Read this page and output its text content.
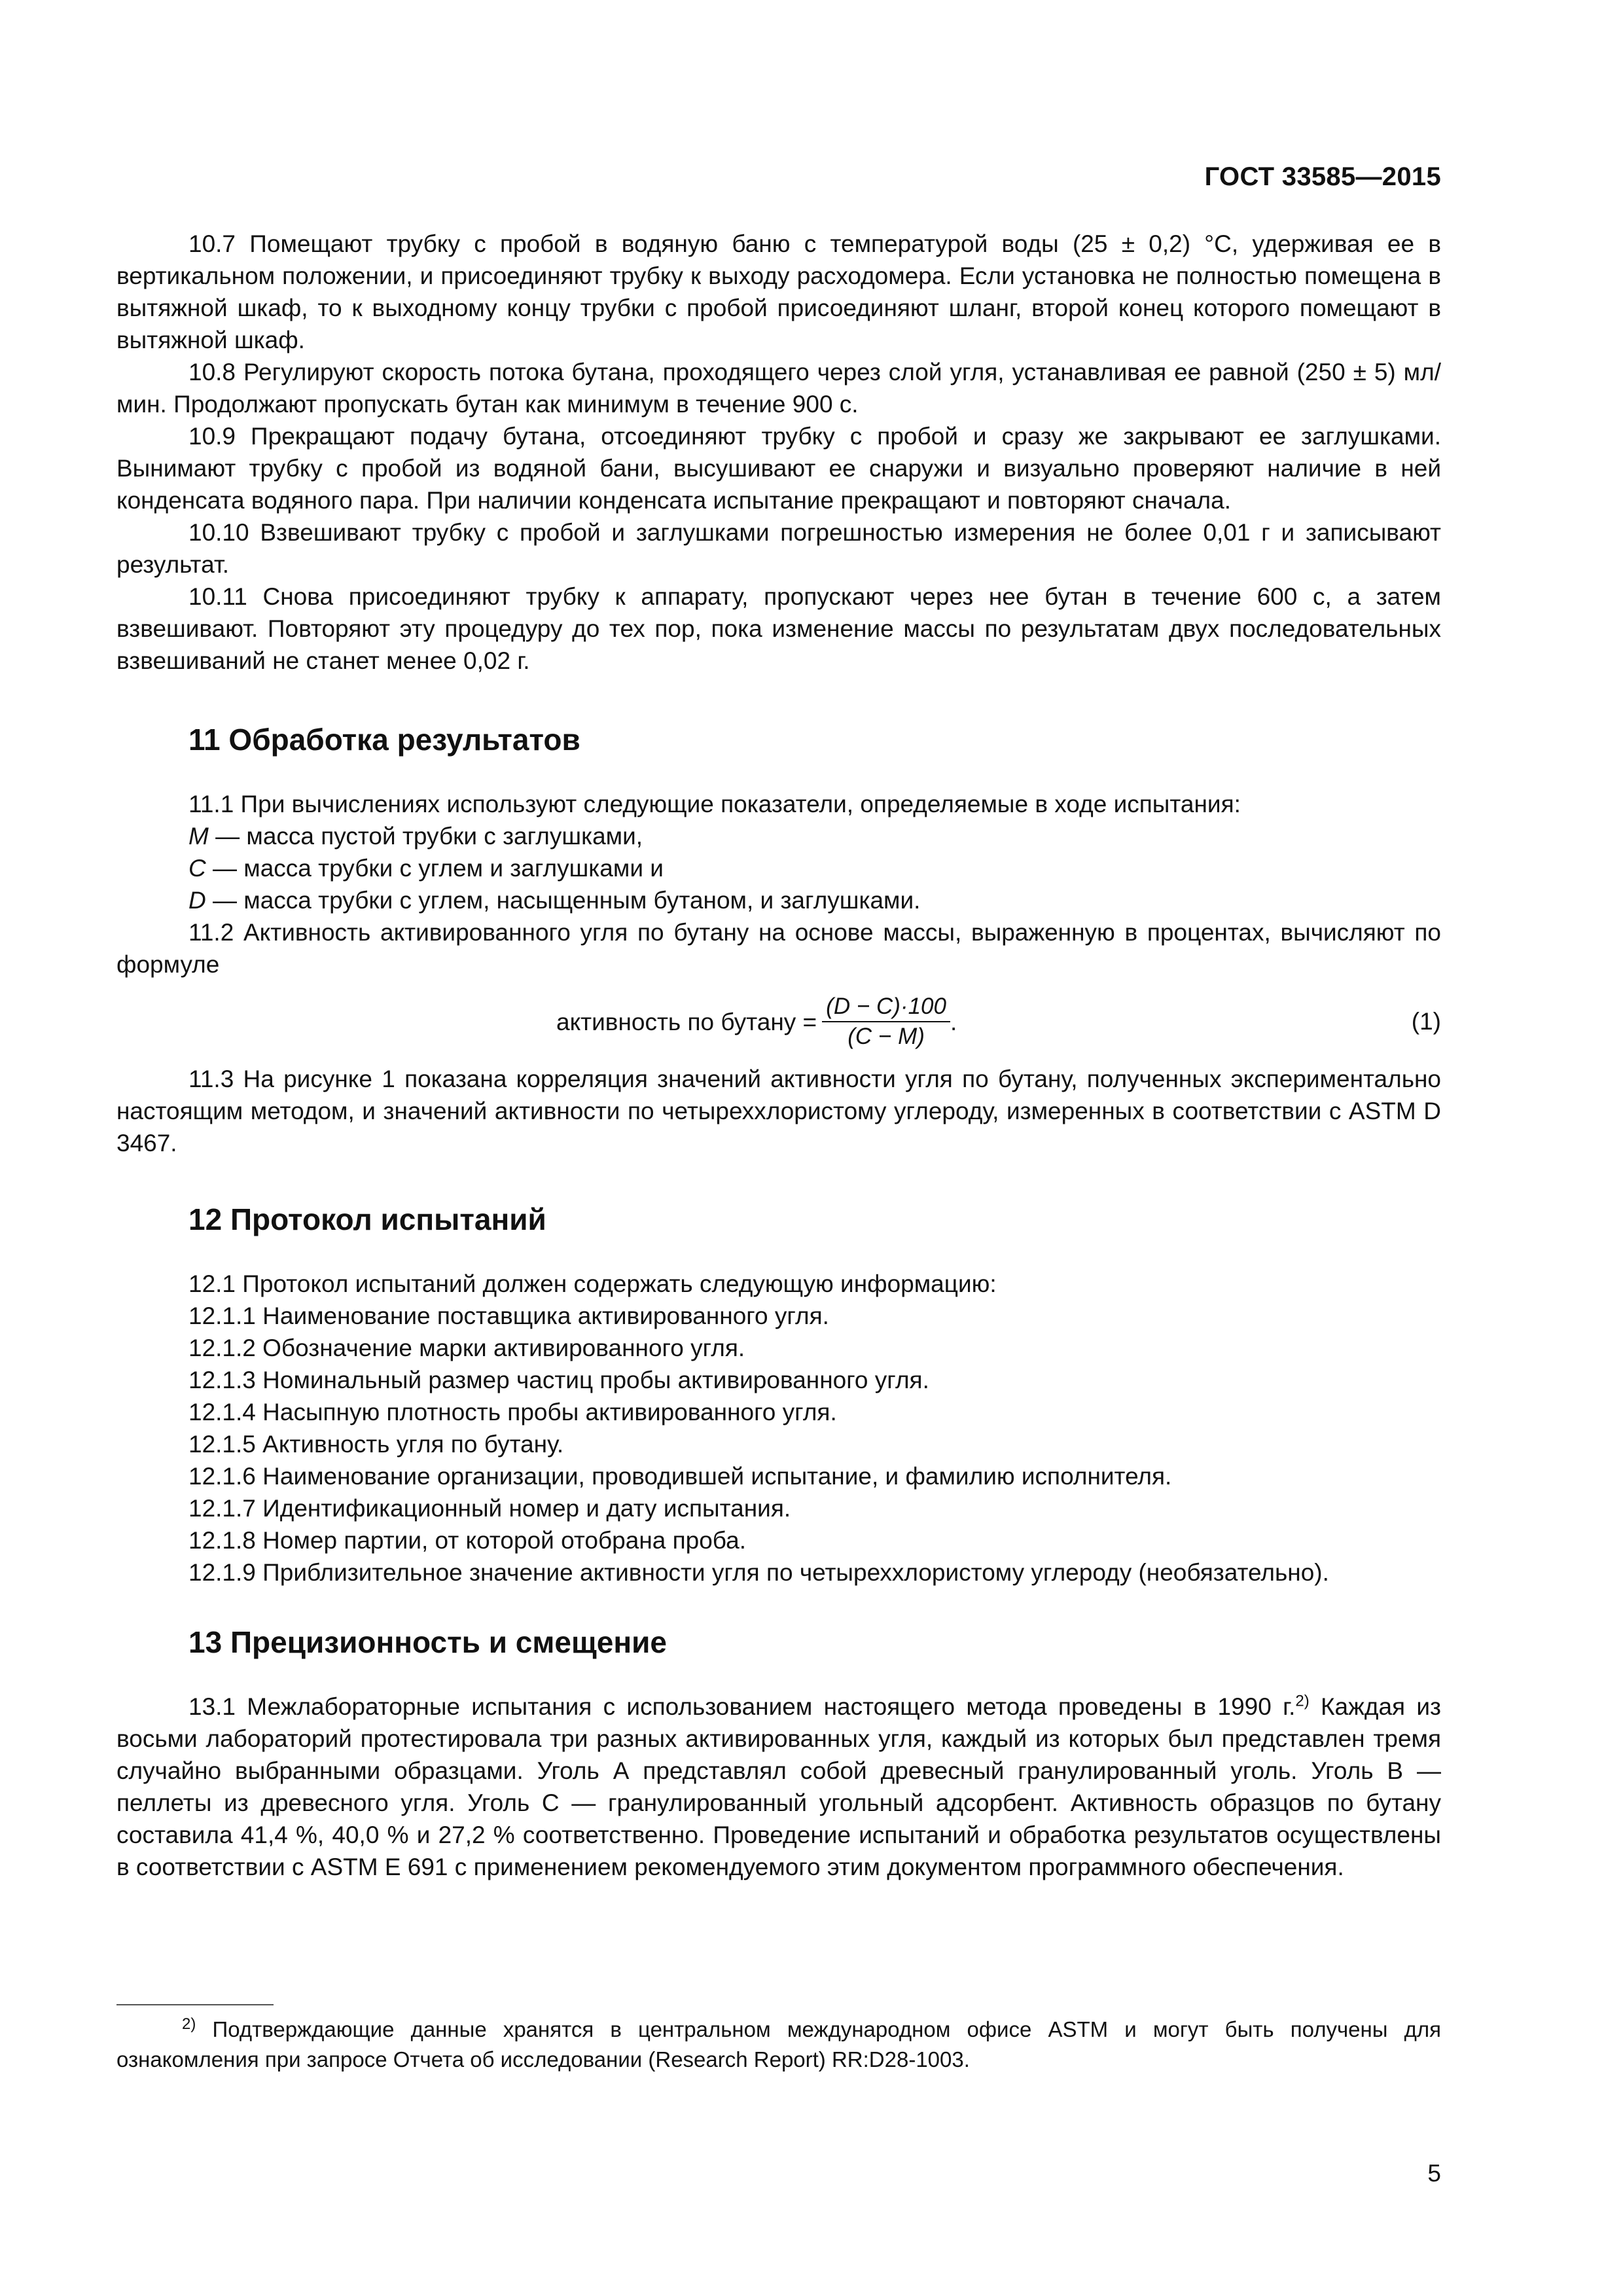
ГОСТ 33585—2015

10.7 Помещают трубку с пробой в водяную баню с температурой воды (25 ± 0,2) °С, удерживая ее в вертикальном положении, и присоединяют трубку к выходу расходомера. Если установка не полностью помещена в вытяжной шкаф, то к выходному концу трубки с пробой присоединяют шланг, второй конец которого помещают в вытяжной шкаф.

10.8 Регулируют скорость потока бутана, проходящего через слой угля, устанавливая ее равной (250 ± 5) мл/мин. Продолжают пропускать бутан как минимум в течение 900 с.

10.9 Прекращают подачу бутана, отсоединяют трубку с пробой и сразу же закрывают ее заглушками. Вынимают трубку с пробой из водяной бани, высушивают ее снаружи и визуально проверяют наличие в ней конденсата водяного пара. При наличии конденсата испытание прекращают и повторяют сначала.

10.10 Взвешивают трубку с пробой и заглушками погрешностью измерения не более 0,01 г и записывают результат.

10.11 Снова присоединяют трубку к аппарату, пропускают через нее бутан в течение 600 с, а затем взвешивают. Повторяют эту процедуру до тех пор, пока изменение массы по результатам двух последовательных взвешиваний не станет менее 0,02 г.

11 Обработка результатов

11.1 При вычислениях используют следующие показатели, определяемые в ходе испытания:

M — масса пустой трубки с заглушками,

C — масса трубки с углем и заглушками и

D — масса трубки с углем, насыщенным бутаном, и заглушками.

11.2 Активность активированного угля по бутану на основе массы, выраженную в процентах, вычисляют по формуле

активность по бутану = $\frac{(D - C)\cdot 100}{(C - M)}$ .	(1)

11.3 На рисунке 1 показана корреляция значений активности угля по бутану, полученных экспериментально настоящим методом, и значений активности по четыреххлористому углероду, измеренных в соответствии с ASTM D 3467.

12 Протокол испытаний

12.1 Протокол испытаний должен содержать следующую информацию:

12.1.1 Наименование поставщика активированного угля.

12.1.2 Обозначение марки активированного угля.

12.1.3 Номинальный размер частиц пробы активированного угля.

12.1.4 Насыпную плотность пробы активированного угля.

12.1.5 Активность угля по бутану.

12.1.6 Наименование организации, проводившей испытание, и фамилию исполнителя.

12.1.7 Идентификационный номер и дату испытания.

12.1.8 Номер партии, от которой отобрана проба.

12.1.9 Приблизительное значение активности угля по четыреххлористому углероду (необязательно).

13 Прецизионность и смещение

13.1 Межлабораторные испытания с использованием настоящего метода проведены в 1990 г.$^{2)}$ Каждая из восьми лабораторий протестировала три разных активированных угля, каждый из которых был представлен тремя случайно выбранными образцами. Уголь А представлял собой древесный гранулированный уголь. Уголь В — пеллеты из древесного угля. Уголь С — гранулированный угольный адсорбент. Активность образцов по бутану составила 41,4 %, 40,0 % и 27,2 % соответственно. Проведение испытаний и обработка результатов осуществлены в соответствии с ASTM E 691 с применением рекомендуемого этим документом программного обеспечения.

$^{2)}$ Подтверждающие данные хранятся в центральном международном офисе ASTM и могут быть получены для ознакомления при запросе Отчета об исследовании (Research Report) RR:D28-1003.
5
